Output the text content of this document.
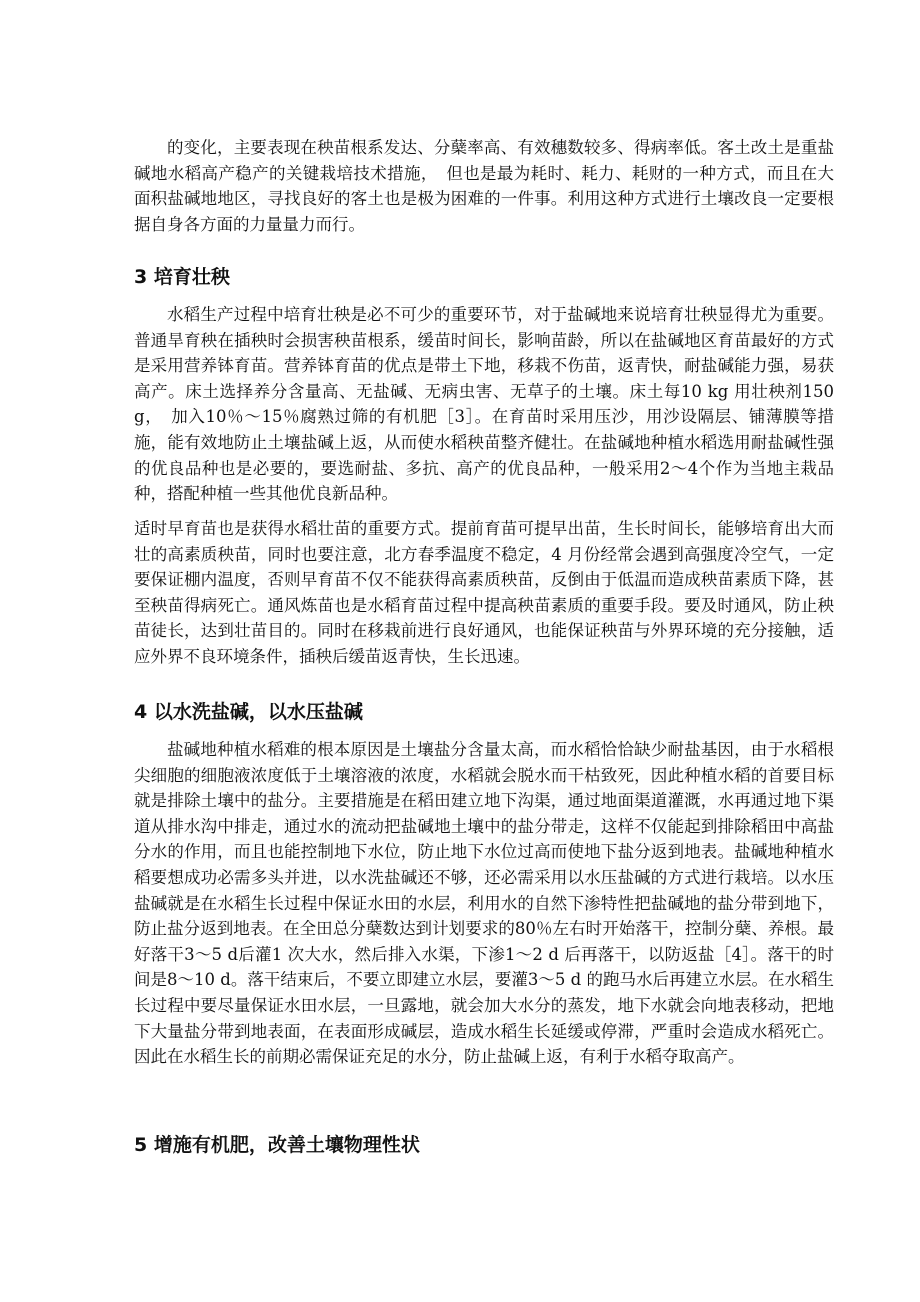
的变化，主要表现在秧苗根系发达、分蘖率高、有效穗数较多、得病率低。客土改土是重盐碱地水稻高产稳产的关键栽培技术措施，　但也是最为耗时、耗力、耗财的一种方式，而且在大面积盐碱地地区，寻找良好的客土也是极为困难的一件事。利用这种方式进行土壤改良一定要根据自身各方面的力量量力而行。

3 培育壮秧

水稻生产过程中培育壮秧是必不可少的重要环节，对于盐碱地来说培育壮秧显得尤为重要。普通旱育秧在插秧时会损害秧苗根系，缓苗时间长，影响苗龄，所以在盐碱地区育苗最好的方式是采用营养钵育苗。营养钵育苗的优点是带土下地，移栽不伤苗，返青快，耐盐碱能力强，易获高产。床土选择养分含量高、无盐碱、无病虫害、无草子的土壤。床土每10 kg 用壮秧剂150 g，　加入10％～15％腐熟过筛的有机肥［3］。在育苗时采用压沙，用沙设隔层、铺薄膜等措施，能有效地防止土壤盐碱上返，从而使水稻秧苗整齐健壮。在盐碱地种植水稻选用耐盐碱性强的优良品种也是必要的，要选耐盐、多抗、高产的优良品种，一般采用2～4个作为当地主栽品种，搭配种植一些其他优良新品种。

适时早育苗也是获得水稻壮苗的重要方式。提前育苗可提早出苗，生长时间长，能够培育出大而壮的高素质秧苗，同时也要注意，北方春季温度不稳定，4 月份经常会遇到高强度冷空气，一定要保证棚内温度，否则早育苗不仅不能获得高素质秧苗，反倒由于低温而造成秧苗素质下降，甚至秧苗得病死亡。通风炼苗也是水稻育苗过程中提高秧苗素质的重要手段。要及时通风，防止秧苗徒长，达到壮苗目的。同时在移栽前进行良好通风，也能保证秧苗与外界环境的充分接触，适应外界不良环境条件，插秧后缓苗返青快，生长迅速。

4 以水洗盐碱，以水压盐碱

盐碱地种植水稻难的根本原因是土壤盐分含量太高，而水稻恰恰缺少耐盐基因，由于水稻根尖细胞的细胞液浓度低于土壤溶液的浓度，水稻就会脱水而干枯致死，因此种植水稻的首要目标就是排除土壤中的盐分。主要措施是在稻田建立地下沟渠，通过地面渠道灌溉，水再通过地下渠道从排水沟中排走，通过水的流动把盐碱地土壤中的盐分带走，这样不仅能起到排除稻田中高盐分水的作用，而且也能控制地下水位，防止地下水位过高而使地下盐分返到地表。盐碱地种植水稻要想成功必需多头并进，以水洗盐碱还不够，还必需采用以水压盐碱的方式进行栽培。以水压盐碱就是在水稻生长过程中保证水田的水层，利用水的自然下渗特性把盐碱地的盐分带到地下，防止盐分返到地表。在全田总分蘖数达到计划要求的80％左右时开始落干，控制分蘖、养根。最好落干3～5 d后灌1 次大水，然后排入水渠，下渗1～2 d 后再落干，以防返盐［4］。落干的时间是8～10 d。落干结束后，不要立即建立水层，要灌3～5 d 的跑马水后再建立水层。在水稻生长过程中要尽量保证水田水层，一旦露地，就会加大水分的蒸发，地下水就会向地表移动，把地下大量盐分带到地表面，在表面形成碱层，造成水稻生长延缓或停滞，严重时会造成水稻死亡。因此在水稻生长的前期必需保证充足的水分，防止盐碱上返，有利于水稻夺取高产。

5 增施有机肥，改善土壤物理性状
